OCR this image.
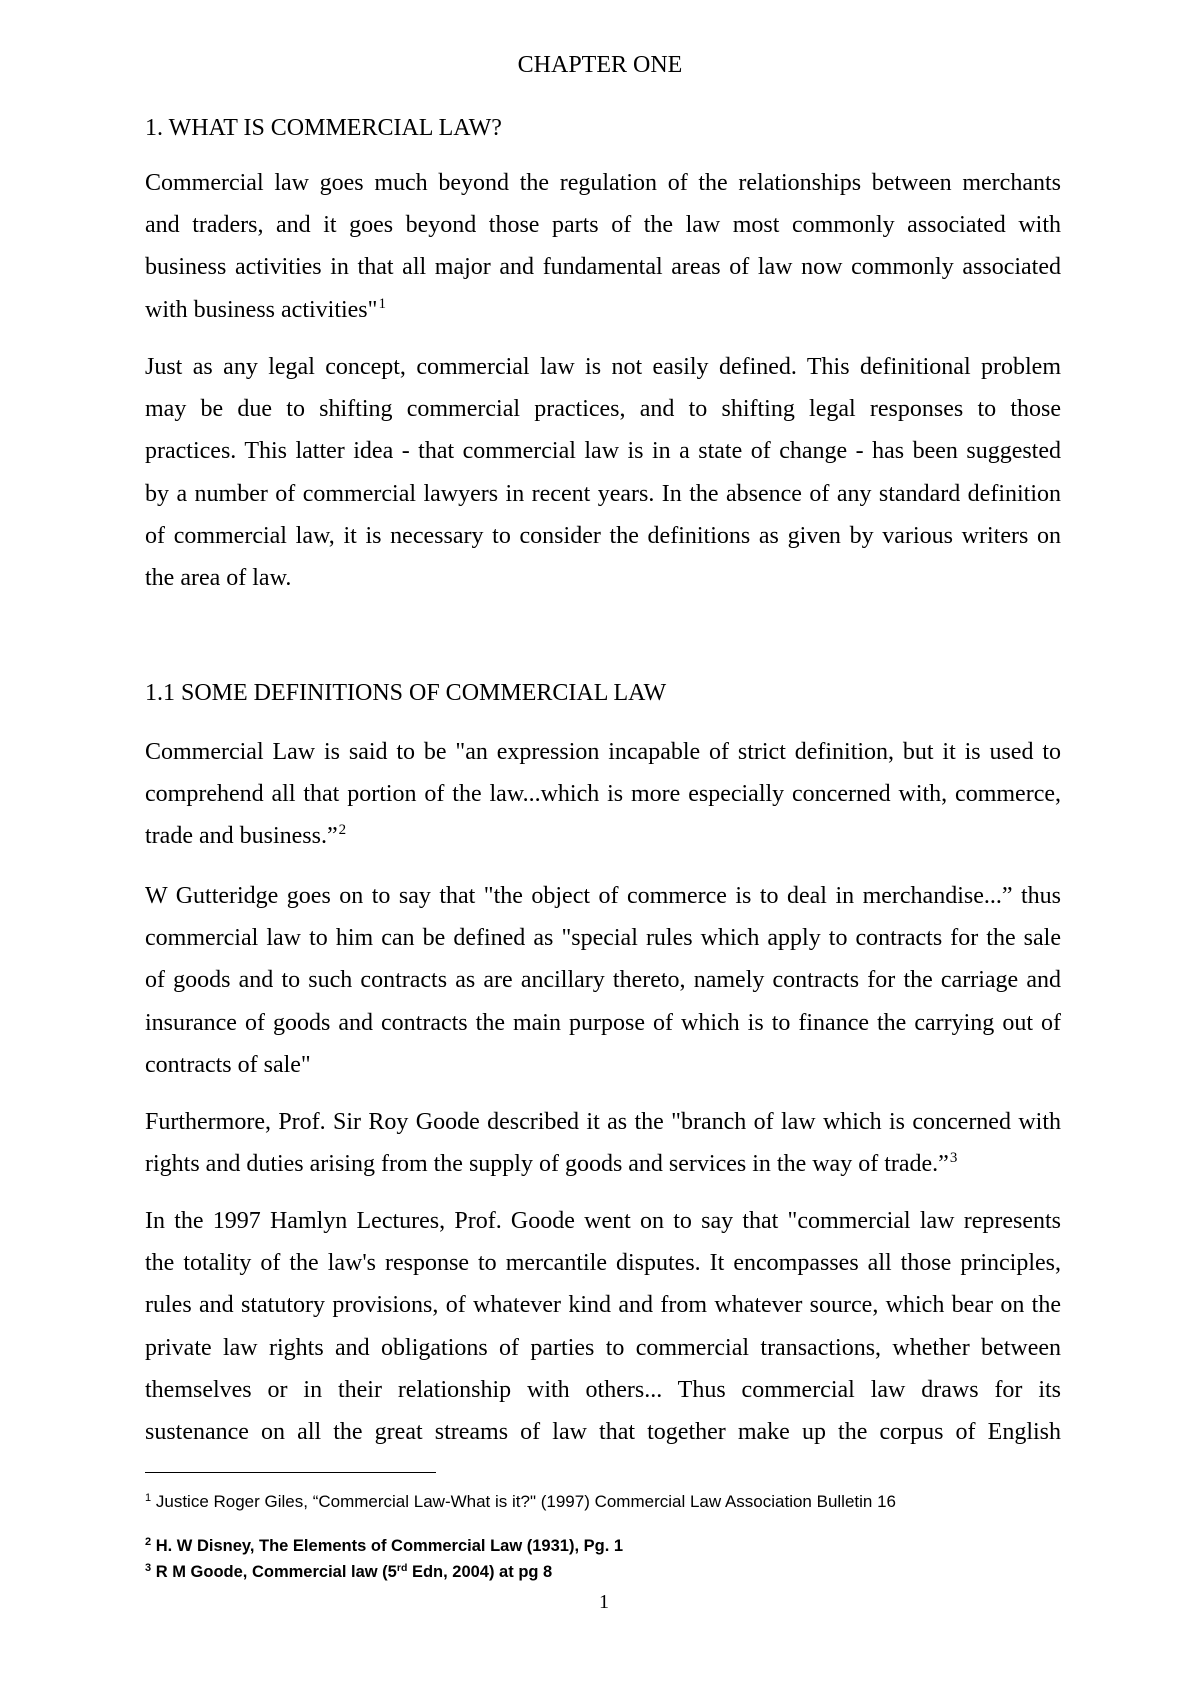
CHAPTER ONE
1. WHAT IS COMMERCIAL LAW?
Commercial law goes much beyond the regulation of the relationships between merchants
and traders, and it goes beyond those parts of the law most commonly associated with
business activities in that all major and fundamental areas of law now commonly associated
with business activities"$^1$
Just as any legal concept, commercial law is not easily defined. This definitional problem
may be due to shifting commercial practices, and to shifting legal responses to those
practices. This latter idea - that commercial law is in a state of change - has been suggested
by a number of commercial lawyers in recent years. In the absence of any standard definition
of commercial law, it is necessary to consider the definitions as given by various writers on
the area of law.
1.1 SOME DEFINITIONS OF COMMERCIAL LAW
Commercial Law is said to be "an expression incapable of strict definition, but it is used to
comprehend all that portion of the law...which is more especially concerned with, commerce,
trade and business.”$^2$
W Gutteridge goes on to say that "the object of commerce is to deal in merchandise...” thus
commercial law to him can be defined as "special rules which apply to contracts for the sale
of goods and to such contracts as are ancillary thereto, namely contracts for the carriage and
insurance of goods and contracts the main purpose of which is to finance the carrying out of
contracts of sale"
Furthermore, Prof. Sir Roy Goode described it as the "branch of law which is concerned with
rights and duties arising from the supply of goods and services in the way of trade.”$^3$
In the 1997 Hamlyn Lectures, Prof. Goode went on to say that "commercial law represents
the totality of the law's response to mercantile disputes. It encompasses all those principles,
rules and statutory provisions, of whatever kind and from whatever source, which bear on the
private law rights and obligations of parties to commercial transactions, whether between
themselves or in their relationship with others... Thus commercial law draws for its
sustenance on all the great streams of law that together make up the corpus of English
$^1$ Justice Roger Giles, “Commercial Law-What is it?" (1997) Commercial Law Association Bulletin 16
$^2$ H. W Disney, The Elements of Commercial Law (1931), Pg. 1
$^3$ R M Goode, Commercial law (5rd Edn, 2004) at pg 8
1
